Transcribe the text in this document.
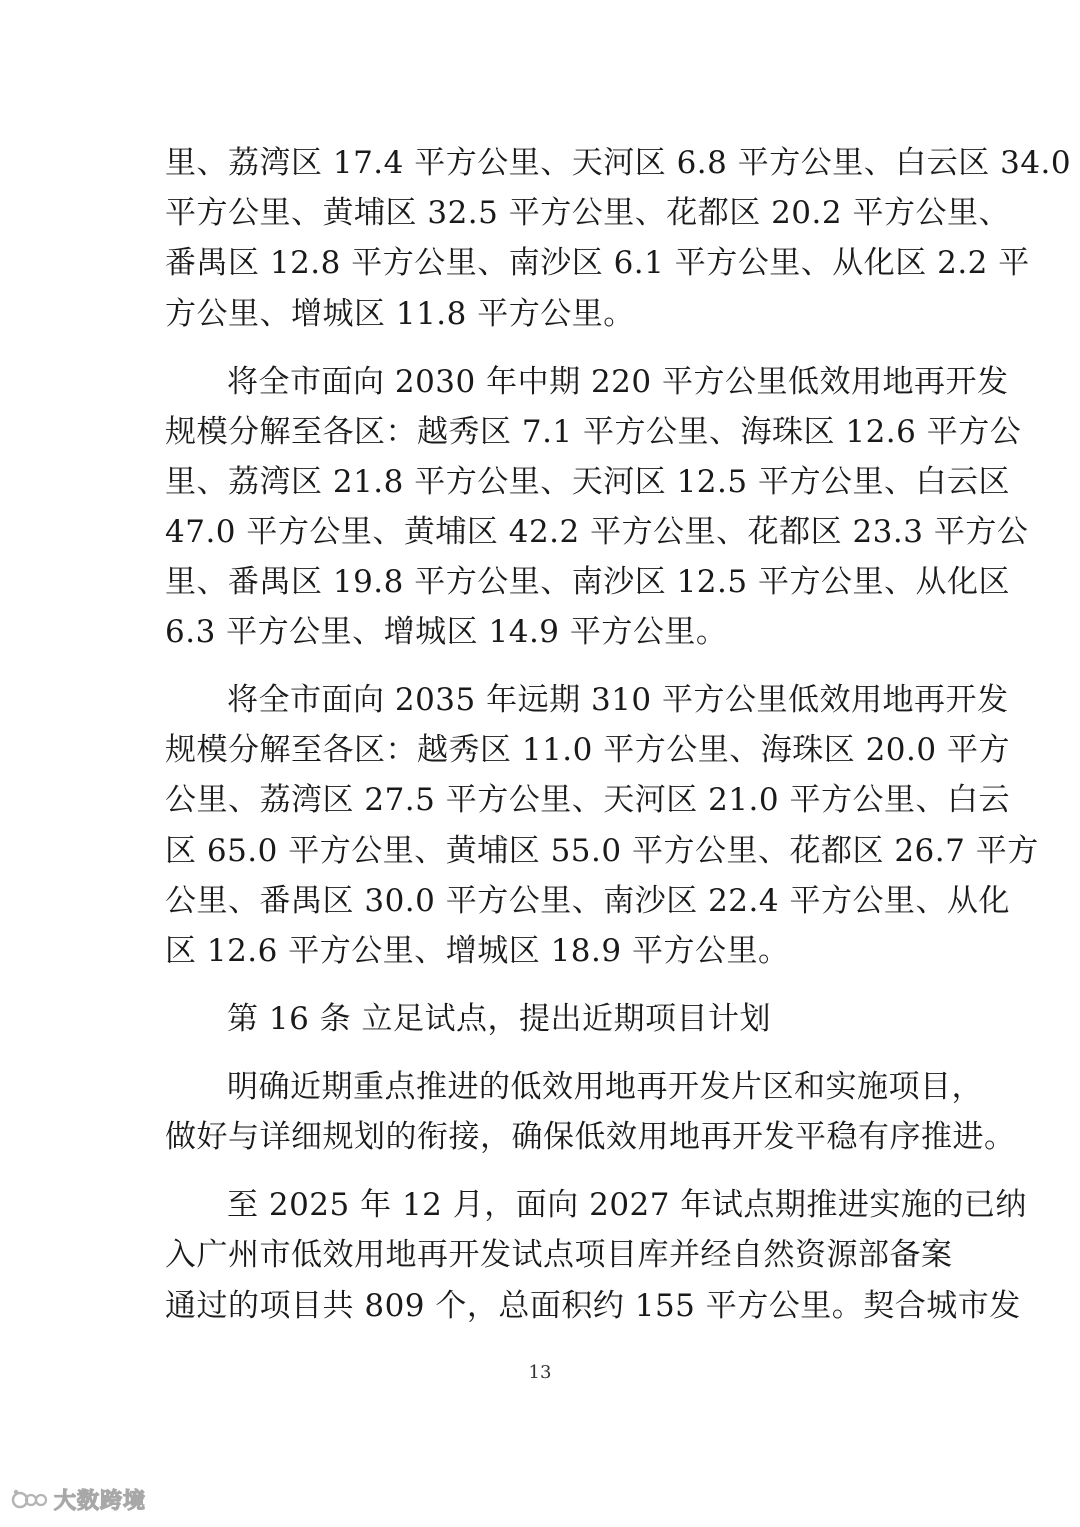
里、荔湾区 17.4 平方公里、天河区 6.8 平方公里、白云区 34.0
平方公里、黄埔区 32.5 平方公里、花都区 20.2 平方公里、
番禺区 12.8 平方公里、南沙区 6.1 平方公里、从化区 2.2 平
方公里、增城区 11.8 平方公里。
将全市面向 2030 年中期 220 平方公里低效用地再开发
规模分解至各区：越秀区 7.1 平方公里、海珠区 12.6 平方公
里、荔湾区 21.8 平方公里、天河区 12.5 平方公里、白云区
47.0 平方公里、黄埔区 42.2 平方公里、花都区 23.3 平方公
里、番禺区 19.8 平方公里、南沙区 12.5 平方公里、从化区
6.3 平方公里、增城区 14.9 平方公里。
将全市面向 2035 年远期 310 平方公里低效用地再开发
规模分解至各区：越秀区 11.0 平方公里、海珠区 20.0 平方
公里、荔湾区 27.5 平方公里、天河区 21.0 平方公里、白云
区 65.0 平方公里、黄埔区 55.0 平方公里、花都区 26.7 平方
公里、番禺区 30.0 平方公里、南沙区 22.4 平方公里、从化
区 12.6 平方公里、增城区 18.9 平方公里。
第 16 条 立足试点，提出近期项目计划
明确近期重点推进的低效用地再开发片区和实施项目，
做好与详细规划的衔接，确保低效用地再开发平稳有序推进。
至 2025 年 12 月，面向 2027 年试点期推进实施的已纳
入广州市低效用地再开发试点项目库并经自然资源部备案
通过的项目共 809 个，总面积约 155 平方公里。契合城市发
13
大数跨境
